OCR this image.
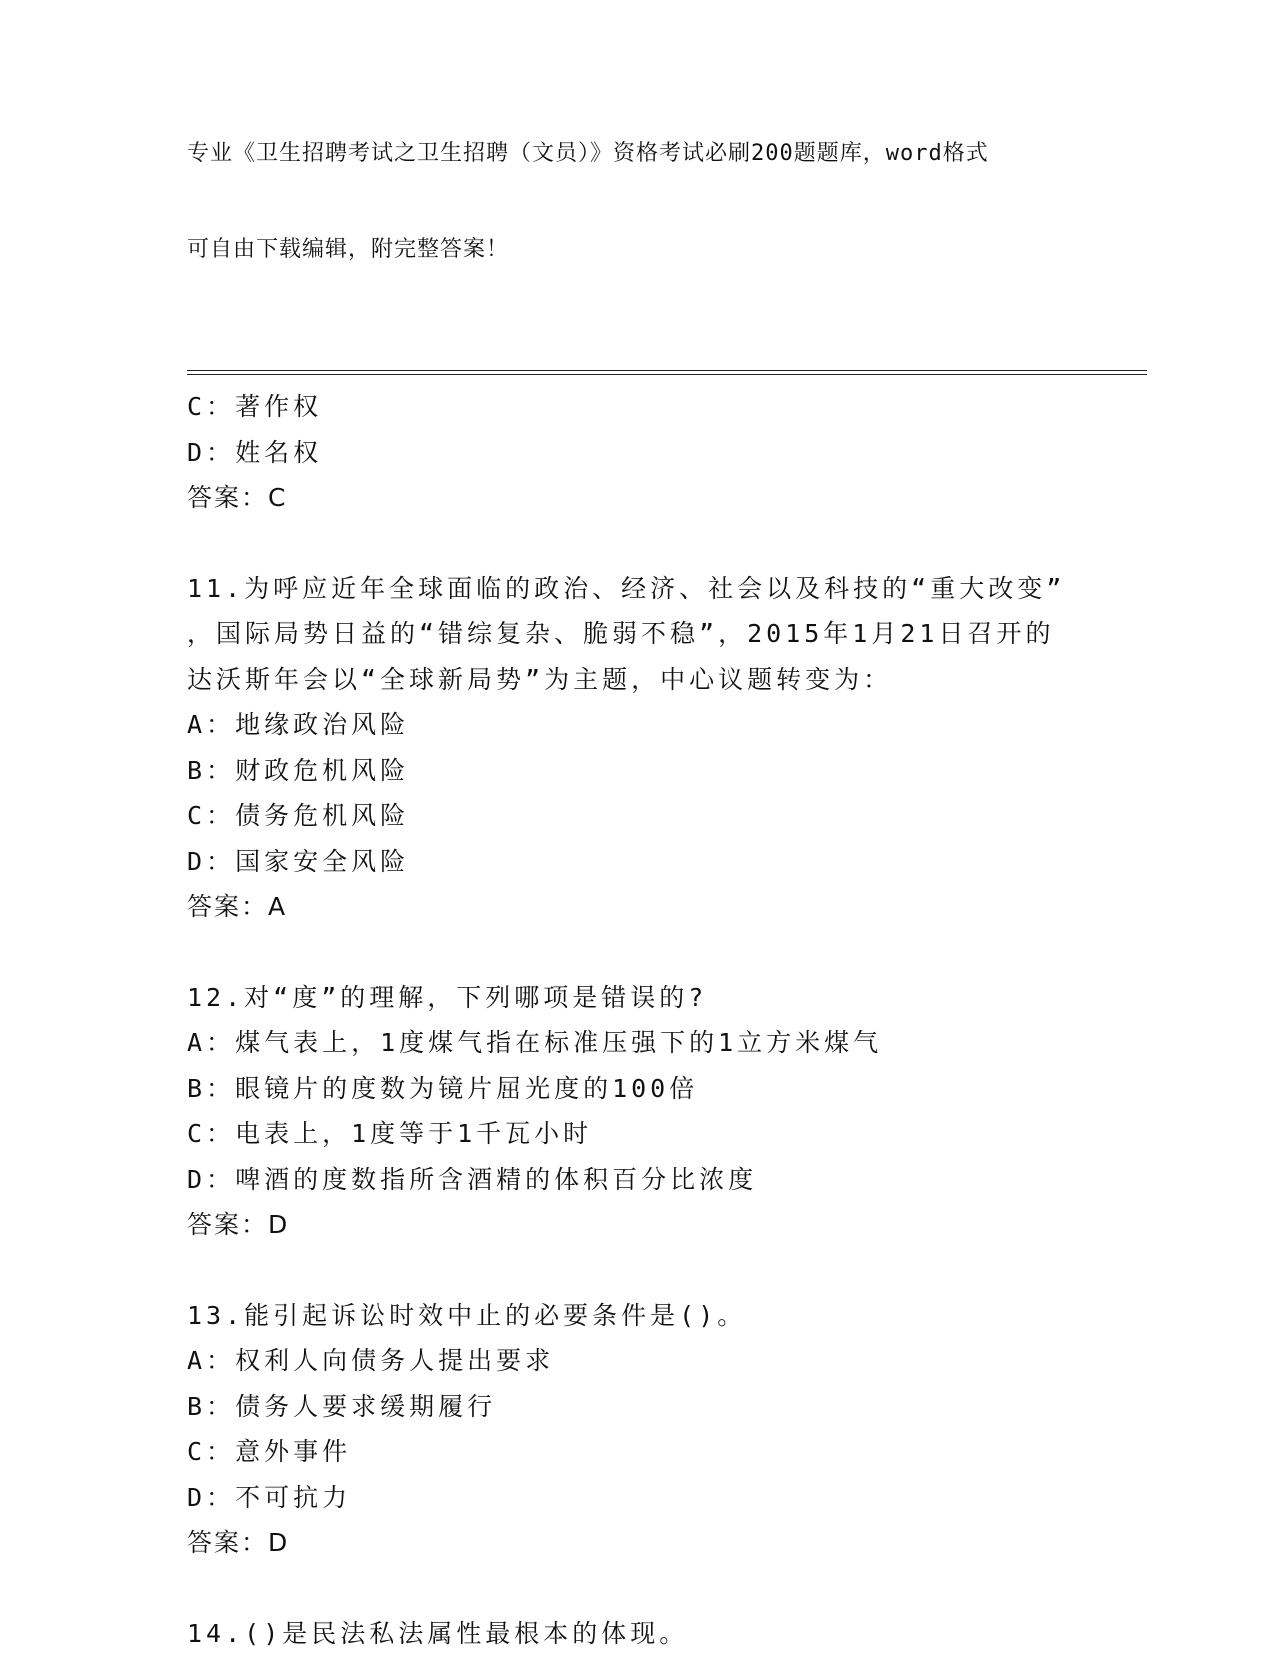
专业《卫生招聘考试之卫生招聘（文员）》资格考试必刷200题题库，word格式

可自由下载编辑，附完整答案！

C：著作权
D：姓名权
答案：C
11.为呼应近年全球面临的政治、经济、社会以及科技的“重大改变”
，国际局势日益的“错综复杂、脆弱不稳”，2015年1月21日召开的
达沃斯年会以“全球新局势”为主题，中心议题转变为：
A：地缘政治风险
B：财政危机风险
C：债务危机风险
D：国家安全风险
答案：A
12.对“度”的理解，下列哪项是错误的?
A：煤气表上，1度煤气指在标准压强下的1立方米煤气
B：眼镜片的度数为镜片屈光度的100倍
C：电表上，1度等于1千瓦小时
D：啤酒的度数指所含酒精的体积百分比浓度
答案：D
13.能引起诉讼时效中止的必要条件是()。
A：权利人向债务人提出要求
B：债务人要求缓期履行
C：意外事件
D：不可抗力
答案：D
14.()是民法私法属性最根本的体现。
